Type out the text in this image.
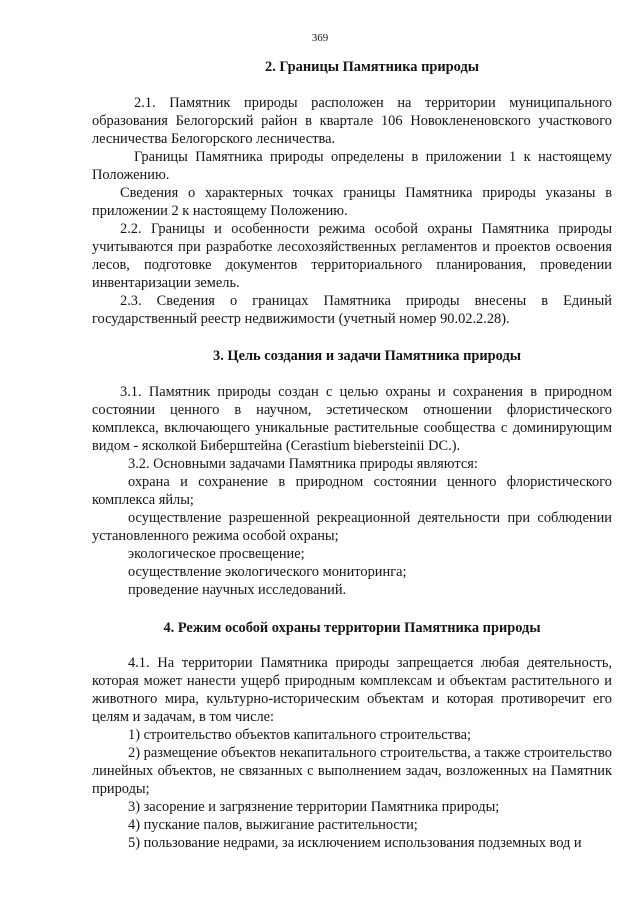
369
2. Границы Памятника природы

2.1. Памятник природы расположен на территории муниципального образования Белогорский район в квартале 106 Новоклененовского участкового лесничества Белогорского лесничества.

Границы Памятника природы определены в приложении 1 к настоящему Положению.

Сведения о характерных точках границы Памятника природы указаны в приложении 2 к настоящему Положению.

2.2. Границы и особенности режима особой охраны Памятника природы учитываются при разработке лесохозяйственных регламентов и проектов освоения лесов, подготовке документов территориального планирования, проведении инвентаризации земель.

2.3. Сведения о границах Памятника природы внесены в Единый государственный реестр недвижимости (учетный номер 90.02.2.28).

3. Цель создания и задачи Памятника природы

3.1. Памятник природы создан с целью охраны и сохранения в природном состоянии ценного в научном, эстетическом отношении флористического комплекса, включающего уникальные растительные сообщества с доминирующим видом - ясколкой Биберштейна (Cerastium biebersteinii DC.).

3.2. Основными задачами Памятника природы являются:

охрана и сохранение в природном состоянии ценного флористического комплекса яйлы;

осуществление разрешенной рекреационной деятельности при соблюдении установленного режима особой охраны;

экологическое просвещение;

осуществление экологического мониторинга;

проведение научных исследований.

4. Режим особой охраны территории Памятника природы

4.1. На территории Памятника природы запрещается любая деятельность, которая может нанести ущерб природным комплексам и объектам растительного и животного мира, культурно-историческим объектам и которая противоречит его целям и задачам, в том числе:

1) строительство объектов капитального строительства;

2) размещение объектов некапитального строительства, а также строительство линейных объектов, не связанных с выполнением задач, возложенных на Памятник природы;

3) засорение и загрязнение территории Памятника природы;

4) пускание палов, выжигание растительности;

5) пользование недрами, за исключением использования подземных вод и
